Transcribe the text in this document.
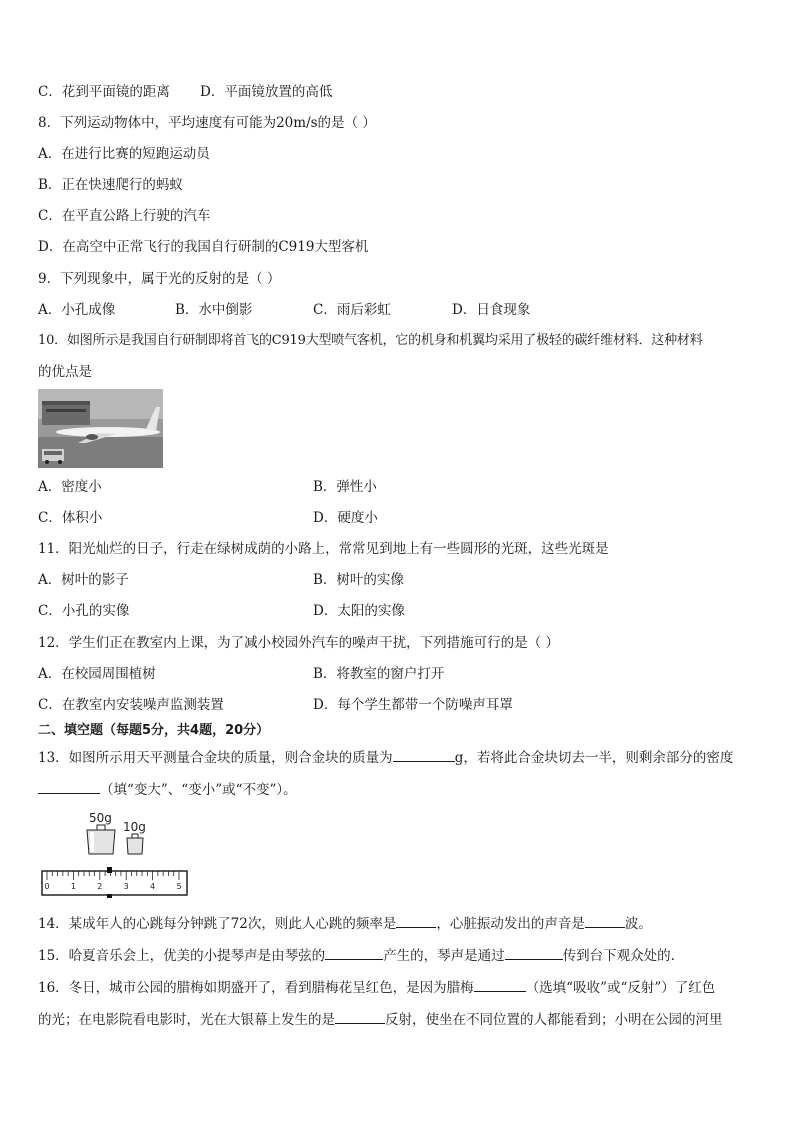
C．花到平面镜的距离 D．平面镜放置的高低
8．下列运动物体中，平均速度有可能为20m/s的是（ ）
A．在进行比赛的短跑运动员
B．正在快速爬行的蚂蚁
C．在平直公路上行驶的汽车
D．在高空中正常飞行的我国自行研制的C919大型客机
9．下列现象中，属于光的反射的是（ ）
A．小孔成像	B．水中倒影	C．雨后彩虹	D．日食现象
10．如图所示是我国自行研制即将首飞的C919大型喷气客机，它的机身和机翼均采用了极轻的碳纤维材料．这种材料
的优点是
A．密度小	B．弹性小
C．体积小	D．硬度小
11．阳光灿烂的日子，行走在绿树成荫的小路上，常常见到地上有一些圆形的光斑，这些光斑是
A．树叶的影子	B．树叶的实像
C．小孔的实像	D．太阳的实像
12．学生们正在教室内上课，为了减小校园外汽车的噪声干扰，下列措施可行的是（ ）
A．在校园周围植树	B．将教室的窗户打开
C．在教室内安装噪声监测装置	D．每个学生都带一个防噪声耳罩
二、填空题（每题5分，共4题，20分）
13．如图所示用天平测量合金块的质量，则合金块的质量为	g，若将此合金块切去一半，则剩余部分的密度
（填“变大”、“变小”或“不变”）。
50g
10g
0	1	2	3	4	5
14．某成年人的心跳每分钟跳了72次，则此人心跳的频率是	，心脏振动发出的声音是	波。
15．哈夏音乐会上，优美的小提琴声是由琴弦的	产生的，琴声是通过	传到台下观众处的.
16．冬日，城市公园的腊梅如期盛开了，看到腊梅花呈红色，是因为腊梅	（选填“吸收”或“反射”）了红色
的光；在电影院看电影时，光在大银幕上发生的是	反射，使坐在不同位置的人都能看到；小明在公园的河里
